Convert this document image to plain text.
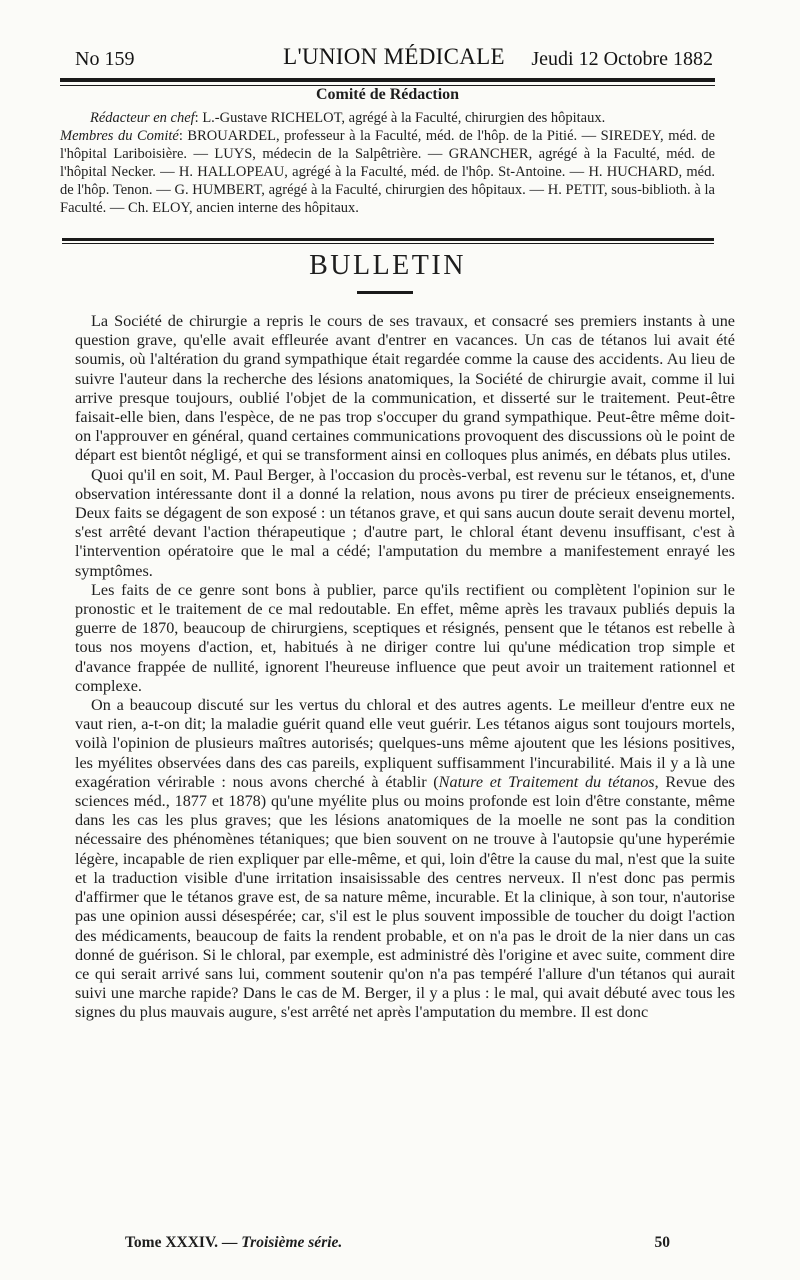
No 159	L'UNION MÉDICALE	Jeudi 12 Octobre 1882
Comité de Rédaction

Rédacteur en chef: L.-Gustave RICHELOT, agrégé à la Faculté, chirurgien des hôpitaux.

Membres du Comité: BROUARDEL, professeur à la Faculté, méd. de l'hôp. de la Pitié. — SIREDEY, méd. de l'hôpital Lariboisière. — LUYS, médecin de la Salpêtrière. — GRANCHER, agrégé à la Faculté, méd. de l'hôpital Necker. — H. HALLOPEAU, agrégé à la Faculté, méd. de l'hôp. St-Antoine. — H. HUCHARD, méd. de l'hôp. Tenon. — G. HUMBERT, agrégé à la Faculté, chirurgien des hôpitaux. — H. PETIT, sous-biblioth. à la Faculté. — Ch. ELOY, ancien interne des hôpitaux.

BULLETIN

La Société de chirurgie a repris le cours de ses travaux, et consacré ses premiers instants à une question grave, qu'elle avait effleurée avant d'entrer en vacances. Un cas de tétanos lui avait été soumis, où l'altération du grand sympathique était regardée comme la cause des accidents. Au lieu de suivre l'auteur dans la recherche des lésions anatomiques, la Société de chirurgie avait, comme il lui arrive presque toujours, oublié l'objet de la communication, et disserté sur le traitement. Peut-être faisait-elle bien, dans l'espèce, de ne pas trop s'occuper du grand sympathique. Peut-être même doit-on l'approuver en général, quand certaines communications provoquent des discussions où le point de départ est bientôt négligé, et qui se transforment ainsi en colloques plus animés, en débats plus utiles.

Quoi qu'il en soit, M. Paul Berger, à l'occasion du procès-verbal, est revenu sur le tétanos, et, d'une observation intéressante dont il a donné la relation, nous avons pu tirer de précieux enseignements. Deux faits se dégagent de son exposé : un tétanos grave, et qui sans aucun doute serait devenu mortel, s'est arrêté devant l'action thérapeutique ; d'autre part, le chloral étant devenu insuffisant, c'est à l'intervention opératoire que le mal a cédé; l'amputation du membre a manifestement enrayé les symptômes.

Les faits de ce genre sont bons à publier, parce qu'ils rectifient ou complètent l'opinion sur le pronostic et le traitement de ce mal redoutable. En effet, même après les travaux publiés depuis la guerre de 1870, beaucoup de chirurgiens, sceptiques et résignés, pensent que le tétanos est rebelle à tous nos moyens d'action, et, habitués à ne diriger contre lui qu'une médication trop simple et d'avance frappée de nullité, ignorent l'heureuse influence que peut avoir un traitement rationnel et complexe.

On a beaucoup discuté sur les vertus du chloral et des autres agents. Le meilleur d'entre eux ne vaut rien, a-t-on dit; la maladie guérit quand elle veut guérir. Les tétanos aigus sont toujours mortels, voilà l'opinion de plusieurs maîtres autorisés; quelques-uns même ajoutent que les lésions positives, les myélites observées dans des cas pareils, expliquent suffisamment l'incurabilité. Mais il y a là une exagération vérirable : nous avons cherché à établir (Nature et Traitement du tétanos, Revue des sciences méd., 1877 et 1878) qu'une myélite plus ou moins profonde est loin d'être constante, même dans les cas les plus graves; que les lésions anatomiques de la moelle ne sont pas la condition nécessaire des phénomènes tétaniques; que bien souvent on ne trouve à l'autopsie qu'une hyperémie légère, incapable de rien expliquer par elle-même, et qui, loin d'être la cause du mal, n'est que la suite et la traduction visible d'une irritation insaisissable des centres nerveux. Il n'est donc pas permis d'affirmer que le tétanos grave est, de sa nature même, incurable. Et la clinique, à son tour, n'autorise pas une opinion aussi désespérée; car, s'il est le plus souvent impossible de toucher du doigt l'action des médicaments, beaucoup de faits la rendent probable, et on n'a pas le droit de la nier dans un cas donné de guérison. Si le chloral, par exemple, est administré dès l'origine et avec suite, comment dire ce qui serait arrivé sans lui, comment soutenir qu'on n'a pas tempéré l'allure d'un tétanos qui aurait suivi une marche rapide? Dans le cas de M. Berger, il y a plus : le mal, qui avait débuté avec tous les signes du plus mauvais augure, s'est arrêté net après l'amputation du membre. Il est donc

Tome XXXIV. — Troisième série.	50
